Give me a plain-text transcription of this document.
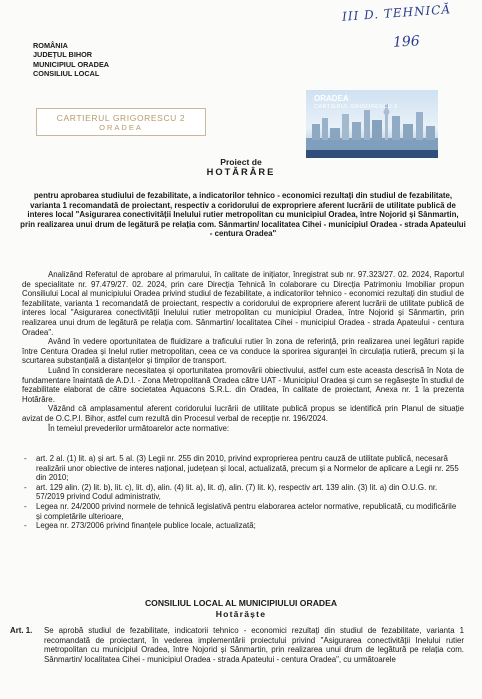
III D. TEHNICĂ
196
ROMÂNIA
JUDEȚUL BIHOR
MUNICIPIUL ORADEA
CONSILIUL LOCAL
CARTIERUL GRIGORESCU 2
ORADEA
ORADEA
CARTIERUL GRIGORESCU 3
Proiect de
HOTĂRÂRE
pentru aprobarea studiului de fezabilitate, a indicatorilor tehnico - economici rezultați din studiul de fezabilitate, varianta 1 recomandată de proiectant, respectiv a coridorului de expropriere aferent lucrării de utilitate publică de interes local "Asigurarea conectivității Inelului rutier metropolitan cu municipiul Oradea, între Nojorid și Sânmartin, prin realizarea unui drum de legătură pe relația com. Sânmartin/ localitatea Cihei - municipiul Oradea - strada Apateului - centura Oradea"

Analizând Referatul de aprobare al primarului, în calitate de inițiator, înregistrat sub nr. 97.323/27. 02. 2024, Raportul de specialitate nr. 97.479/27. 02. 2024, prin care Direcția Tehnică în colaborare cu Direcția Patrimoniu Imobiliar propun Consiliului Local al municipiului Oradea privind studiul de fezabilitate, a indicatorilor tehnico - economici rezultați din studiul de fezabilitate, varianta 1 recomandată de proiectant, respectiv a coridorului de expropriere aferent lucrării de utilitate publică de interes local "Asigurarea conectivității Inelului rutier metropolitan cu municipiul Oradea, între Nojorid și Sânmartin, prin realizarea unui drum de legătură pe relația com. Sânmartin/ localitatea Cihei - municipiul Oradea - strada Apateului - centura Oradea".

Având în vedere oportunitatea de fluidizare a traficului rutier în zona de referință, prin realizarea unei legături rapide între Centura Oradea și Inelul rutier metropolitan, ceea ce va conduce la sporirea siguranței în circulația rutieră, precum și la scurtarea substanțială a distanțelor și timpilor de transport.

Luând în considerare necesitatea și oportunitatea promovării obiectivului, astfel cum este aceasta descrisă în Nota de fundamentare înaintată de A.D.I. - Zona Metropolitană Oradea către UAT - Municipiul Oradea și cum se regăsește în studiul de fezabilitate elaborat de către societatea Aquacons S.R.L. din Oradea, în calitate de proiectant, Anexa nr. 1 la prezenta Hotărâre.

Văzând că amplasamentul aferent coridorului lucrării de utilitate publică propus se identifică prin Planul de situație avizat de O.C.P.I. Bihor, astfel cum rezultă din Procesul verbal de recepție nr. 196/2024.

În temeiul prevederilor următoarelor acte normative:

- art. 2 al. (1) lit. a) și art. 5 al. (3) Legii nr. 255 din 2010, privind exproprierea pentru cauză de utilitate publică, necesară realizării unor obiective de interes național, județean și local, actualizată, precum și a Normelor de aplicare a Legii nr. 255 din 2010;
- art. 129 alin. (2) lit. b), lit. c), lit. d), alin. (4) lit. a), lit. d), alin. (7) lit. k), respectiv art. 139 alin. (3) lit. a) din O.U.G. nr. 57/2019 privind Codul administrativ,
- Legea nr. 24/2000 privind normele de tehnică legislativă pentru elaborarea actelor normative, republicată, cu modificările și completările ulterioare,
- Legea nr. 273/2006 privind finanțele publice locale, actualizată;
CONSILIUL LOCAL AL MUNICIPIULUI ORADEA
Hotărăște
Art. 1. Se aprobă studiul de fezabilitate, indicatorii tehnico - economici rezultați din studiul de fezabilitate, varianta 1 recomandată de proiectant, în vederea implementării proiectului privind "Asigurarea conectivității Inelului rutier metropolitan cu municipiul Oradea, între Nojorid și Sânmartin, prin realizarea unui drum de legătură pe relația com. Sânmartin/ localitatea Cihei - municipiul Oradea - strada Apateului - centura Oradea", cu următoarele
